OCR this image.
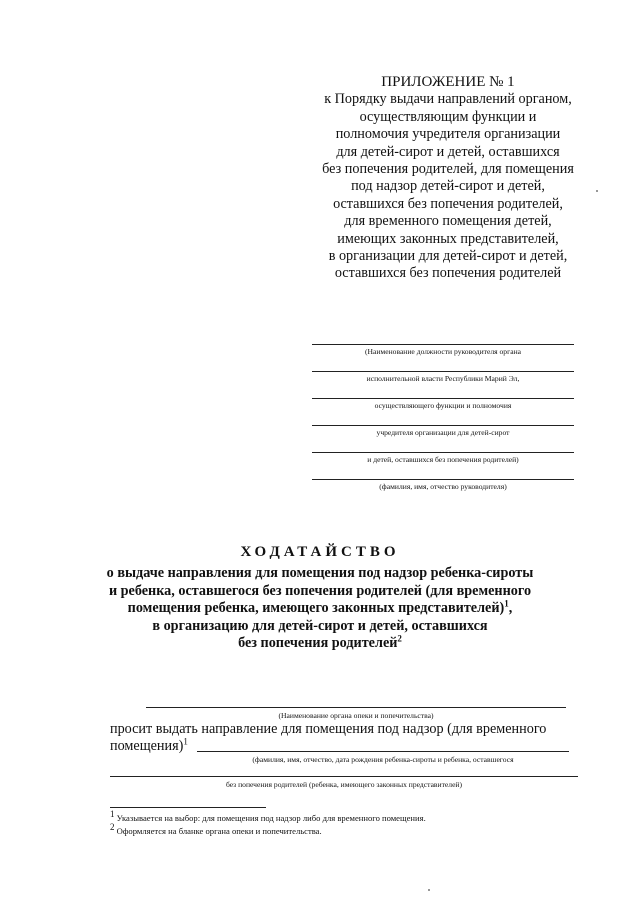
ПРИЛОЖЕНИЕ № 1
к Порядку выдачи направлений органом,
осуществляющим функции и
полномочия учредителя организации
для детей-сирот и детей, оставшихся
без попечения родителей, для помещения
под надзор детей-сирот и детей,
оставшихся без попечения родителей,
для временного помещения детей,
имеющих законных представителей,
в организации для детей-сирот и детей,
оставшихся без попечения родителей
(Наименование должности руководителя органа
исполнительной власти Республики Марий Эл,
осуществляющего функции и полномочия
учредителя организации для детей-сирот
и детей, оставшихся без попечения родителей)
(фамилия, имя, отчество руководителя)
ХОДАТАЙСТВО
о выдаче направления для помещения под надзор ребенка-сироты
и ребенка, оставшегося без попечения родителей (для временного
помещения ребенка, имеющего законных представителей)$^1$,
в организацию для детей-сирот и детей, оставшихся
без попечения родителей$^2$
(Наименование органа опеки и попечительства)
просит выдать направление для помещения под надзор (для временного
помещения)$^1$
(фамилия, имя, отчество, дата рождения ребенка-сироты и ребенка, оставшегося
без попечения родителей (ребенка, имеющего законных представителей)
$^1$ Указывается на выбор: для помещения под надзор либо для временного помещения.
$^2$ Оформляется на бланке органа опеки и попечительства.
